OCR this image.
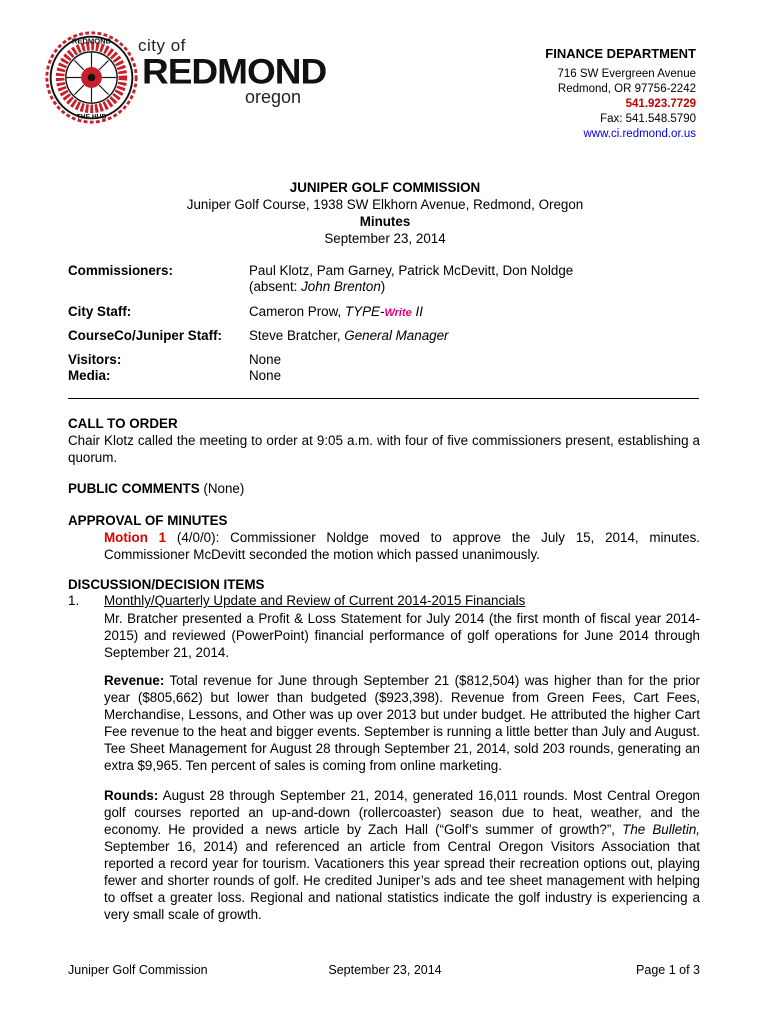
REDMOND
THE HUB
city of
REDMOND
oregon
FINANCE DEPARTMENT
716 SW Evergreen Avenue
Redmond, OR 97756-2242
541.923.7729
Fax: 541.548.5790
www.ci.redmond.or.us
JUNIPER GOLF COMMISSION
Juniper Golf Course, 1938 SW Elkhorn Avenue, Redmond, Oregon
Minutes
September 23, 2014
Commissioners:	Paul Klotz, Pam Garney, Patrick McDevitt, Don Noldge
(absent: John Brenton)
City Staff:	Cameron Prow, TYPE-Write II
CourseCo/Juniper Staff: Steve Bratcher, General Manager
Visitors:	None
Media:	None
CALL TO ORDER
Chair Klotz called the meeting to order at 9:05 a.m. with four of five commissioners present, establishing a quorum.
PUBLIC COMMENTS (None)
APPROVAL OF MINUTES
Motion 1 (4/0/0): Commissioner Noldge moved to approve the July 15, 2014, minutes. Commissioner McDevitt seconded the motion which passed unanimously.
DISCUSSION/DECISION ITEMS
1. Monthly/Quarterly Update and Review of Current 2014-2015 Financials
Mr. Bratcher presented a Profit & Loss Statement for July 2014 (the first month of fiscal year 2014-2015) and reviewed (PowerPoint) financial performance of golf operations for June 2014 through September 21, 2014.
Revenue: Total revenue for June through September 21 ($812,504) was higher than for the prior year ($805,662) but lower than budgeted ($923,398). Revenue from Green Fees, Cart Fees, Merchandise, Lessons, and Other was up over 2013 but under budget. He attributed the higher Cart Fee revenue to the heat and bigger events. September is running a little better than July and August. Tee Sheet Management for August 28 through September 21, 2014, sold 203 rounds, generating an extra $9,965. Ten percent of sales is coming from online marketing.
Rounds: August 28 through September 21, 2014, generated 16,011 rounds. Most Central Oregon golf courses reported an up-and-down (rollercoaster) season due to heat, weather, and the economy. He provided a news article by Zach Hall (“Golf’s summer of growth?”, The Bulletin, September 16, 2014) and referenced an article from Central Oregon Visitors Association that reported a record year for tourism. Vacationers this year spread their recreation options out, playing fewer and shorter rounds of golf. He credited Juniper’s ads and tee sheet management with helping to offset a greater loss. Regional and national statistics indicate the golf industry is experiencing a very small scale of growth.
Juniper Golf Commission	September 23, 2014	Page 1 of 3
